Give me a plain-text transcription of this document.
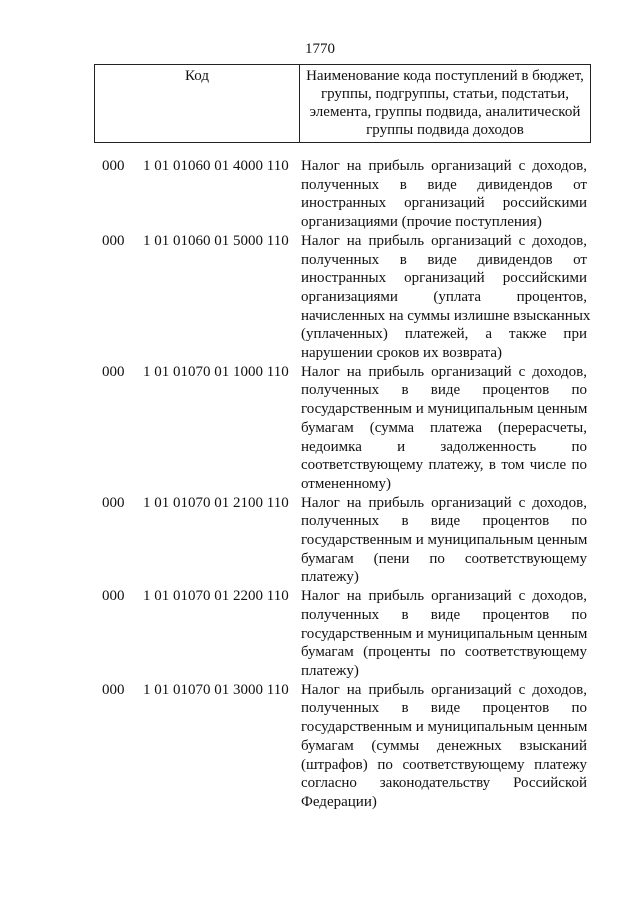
1770
Код	Наименование кода поступлений в бюджет, группы, подгруппы, статьи, подстатьи, элемента, группы подвида, аналитической группы подвида доходов
000 1 01 01060 01 4000 110 Налог на прибыль организаций с доходов,
полученных в виде дивидендов от
иностранных организаций российскими
организациями (прочие поступления)
000 1 01 01060 01 5000 110 Налог на прибыль организаций с доходов,
полученных в виде дивидендов от
иностранных организаций российскими
организациями (уплата процентов,
начисленных на суммы излишне взысканных
(уплаченных) платежей, а также при
нарушении сроков их возврата)
000 1 01 01070 01 1000 110 Налог на прибыль организаций с доходов,
полученных в виде процентов по
государственным и муниципальным ценным
бумагам (сумма платежа (перерасчеты,
недоимка и задолженность по
соответствующему платежу, в том числе по
отмененному)
000 1 01 01070 01 2100 110 Налог на прибыль организаций с доходов,
полученных в виде процентов по
государственным и муниципальным ценным
бумагам (пени по соответствующему
платежу)
000 1 01 01070 01 2200 110 Налог на прибыль организаций с доходов,
полученных в виде процентов по
государственным и муниципальным ценным
бумагам (проценты по соответствующему
платежу)
000 1 01 01070 01 3000 110 Налог на прибыль организаций с доходов,
полученных в виде процентов по
государственным и муниципальным ценным
бумагам (суммы денежных взысканий
(штрафов) по соответствующему платежу
согласно законодательству Российской
Федерации)
